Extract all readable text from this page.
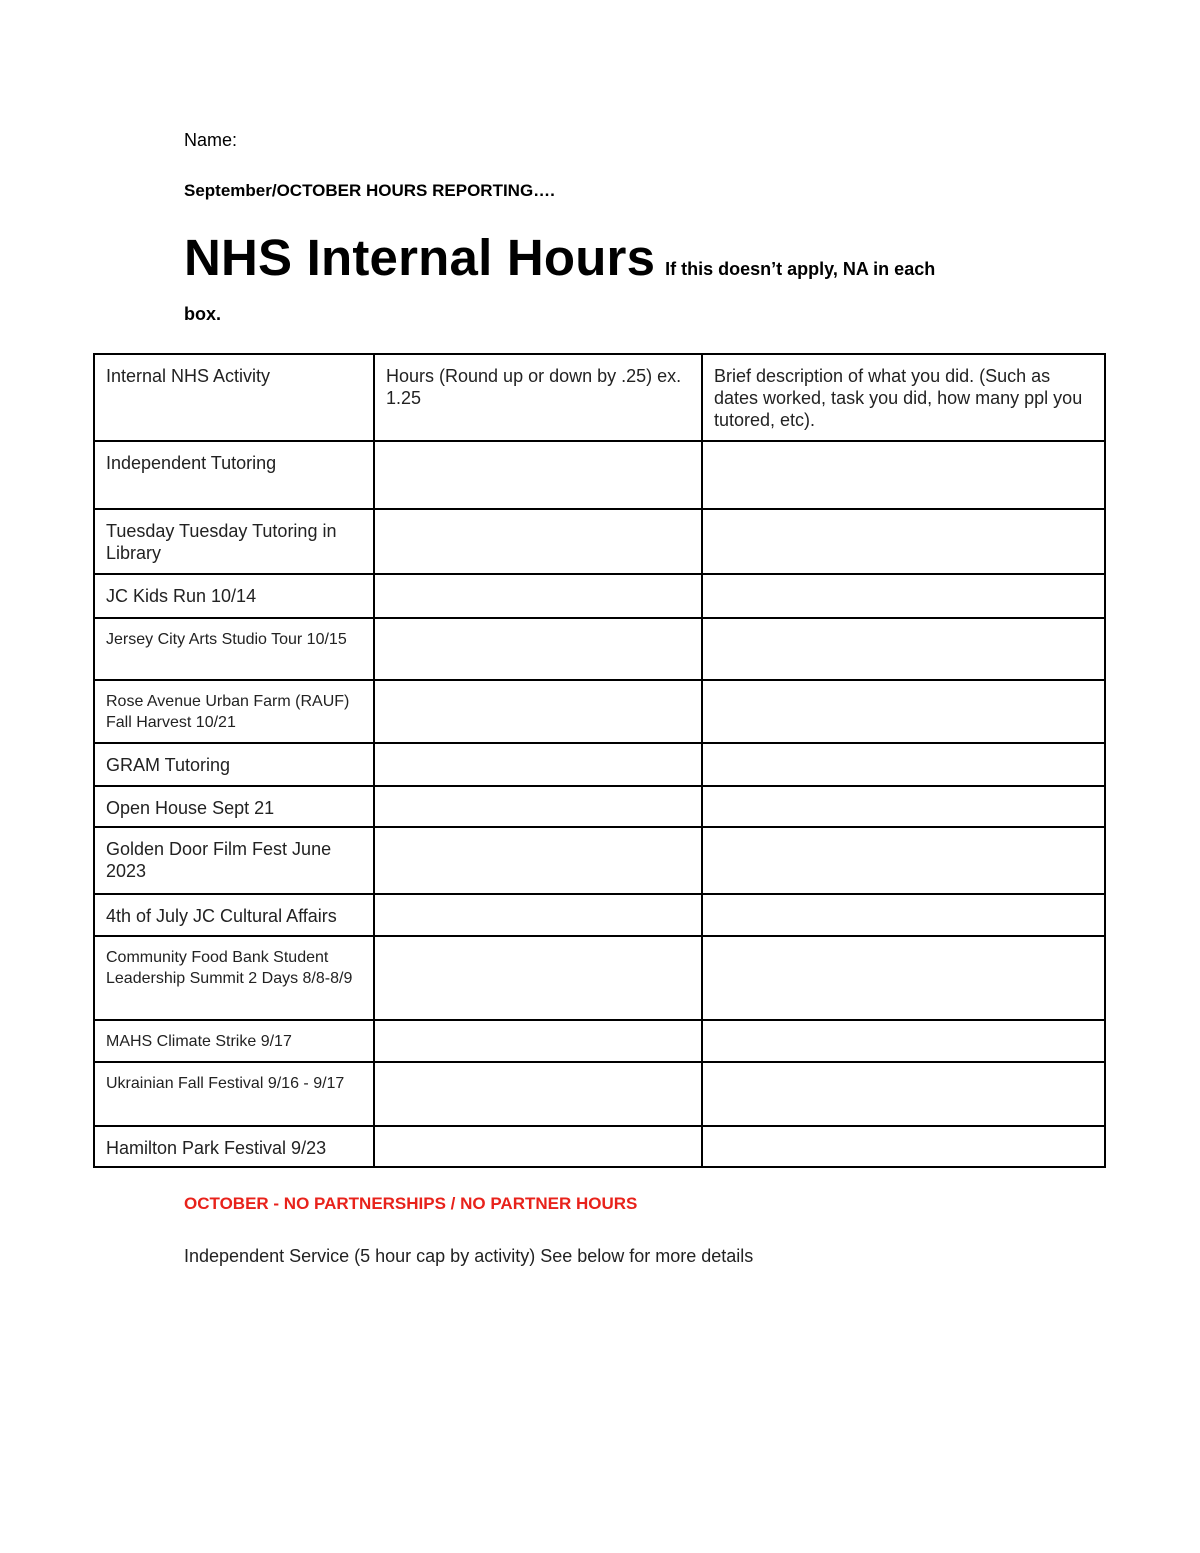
Name:
September/OCTOBER HOURS REPORTING….
NHS Internal Hours If this doesn’t apply, NA in each
box.
Internal NHS Activity	Hours (Round up or down by .25) ex. 1.25	Brief description of what you did. (Such as dates worked, task you did, how many ppl you tutored, etc).
Independent Tutoring		
Tuesday Tuesday Tutoring in Library		
JC Kids Run 10/14		
Jersey City Arts Studio Tour 10/15		
Rose Avenue Urban Farm (RAUF) Fall Harvest 10/21		
GRAM Tutoring		
Open House Sept 21		
Golden Door Film Fest June 2023		
4th of July JC Cultural Affairs		
Community Food Bank Student Leadership Summit 2 Days 8/8-8/9		
MAHS Climate Strike 9/17		
Ukrainian Fall Festival 9/16 - 9/17		
Hamilton Park Festival 9/23		
OCTOBER - NO PARTNERSHIPS / NO PARTNER HOURS
Independent Service (5 hour cap by activity) See below for more details
